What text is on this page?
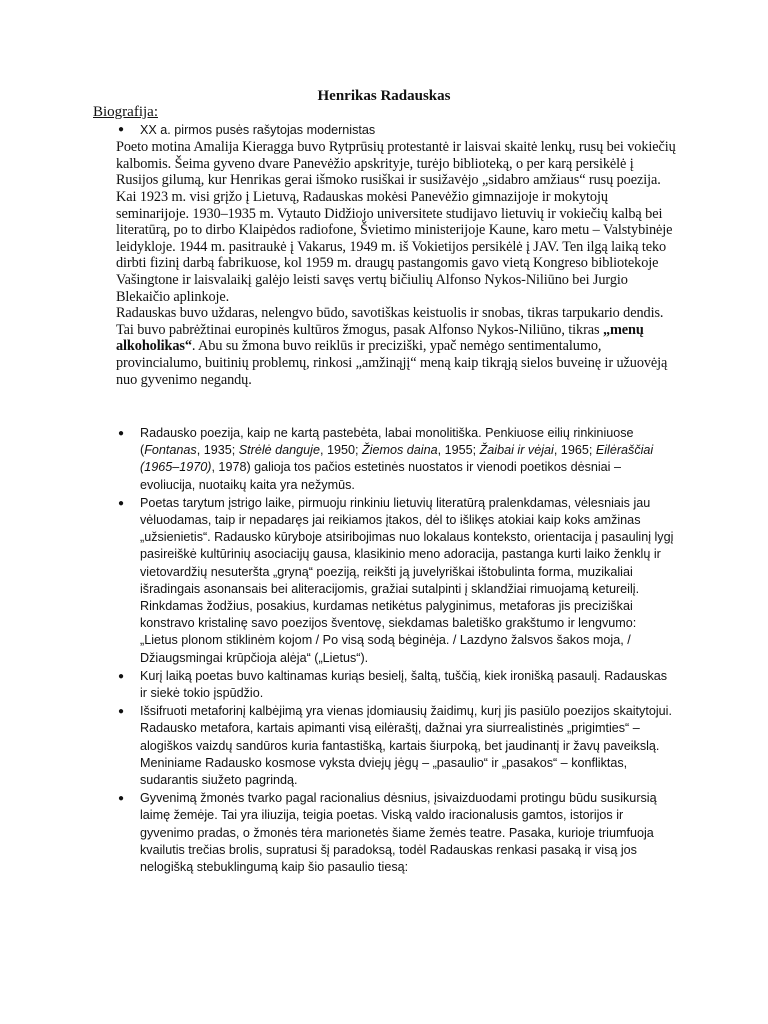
Henrikas Radauskas
Biografija:
●	XX a. pirmos pusės rašytojas modernistas

Poeto motina Amalija Kieragga buvo Rytprūsių protestantė ir laisvai skaitė lenkų, rusų bei vokiečių kalbomis. Šeima gyveno dvare Panevėžio apskrityje, turėjo biblioteką, o per karą persikėlė į Rusijos gilumą, kur Henrikas gerai išmoko rusiškai ir susižavėjo „sidabro amžiaus“ rusų poezija. Kai 1923 m. visi grįžo į Lietuvą, Radauskas mokėsi Panevėžio gimnazijoje ir mokytojų seminarijoje. 1930–1935 m. Vytauto Didžiojo universitete studijavo lietuvių ir vokiečių kalbą bei literatūrą, po to dirbo Klaipėdos radiofone, Švietimo ministerijoje Kaune, karo metu – Valstybinėje leidykloje. 1944 m. pasitraukė į Vakarus, 1949 m. iš Vokietijos persikėlė į JAV. Ten ilgą laiką teko dirbti fizinį darbą fabrikuose, kol 1959 m. draugų pastangomis gavo vietą Kongreso bibliotekoje Vašingtone ir laisvalaikį galėjo leisti savęs vertų bičiulių Alfonso Nykos-Niliūno bei Jurgio Blekaičio aplinkoje.

Radauskas buvo uždaras, nelengvo būdo, savotiškas keistuolis ir snobas, tikras tarpukario dendis. Tai buvo pabrėžtinai europinės kultūros žmogus, pasak Alfonso Nykos-Niliūno, tikras „menų alkoholikas“. Abu su žmona buvo reiklūs ir preciziški, ypač nemėgo sentimentalumo, provincialumo, buitinių problemų, rinkosi „amžinąjį“ meną kaip tikrąją sielos buveinę ir užuovėją nuo gyvenimo negandų.

●	Radausko poezija, kaip ne kartą pastebėta, labai monolitiška. Penkiuose eilių rinkiniuose (Fontanas, 1935; Strėlė danguje, 1950; Žiemos daina, 1955; Žaibai ir vėjai, 1965; Eilėraščiai (1965–1970), 1978) galioja tos pačios estetinės nuostatos ir vienodi poetikos dėsniai – evoliucija, nuotaikų kaita yra nežymūs.
●	Poetas tarytum įstrigo laike, pirmuoju rinkiniu lietuvių literatūrą pralenkdamas, vėlesniais jau vėluodamas, taip ir nepadaręs jai reikiamos įtakos, dėl to išlikęs atokiai kaip koks amžinas „užsienietis“. Radausko kūryboje atsiribojimas nuo lokalaus konteksto, orientacija į pasaulinį lygį pasireiškė kultūrinių asociacijų gausa, klasikinio meno adoracija, pastanga kurti laiko ženklų ir vietovardžių nesuteršta „gryną“ poeziją, reikšti ją juvelyriškai ištobulinta forma, muzikaliai išradingais asonansais bei aliteracijomis, gražiai sutalpinti į sklandžiai rimuojamą ketureilį. Rinkdamas žodžius, posakius, kurdamas netikėtus palyginimus, metaforas jis preciziškai konstravo kristalinę savo poezijos šventovę, siekdamas baletiško grakštumo ir lengvumo: „Lietus plonom stiklinėm kojom / Po visą sodą bėginėja. / Lazdyno žalsvos šakos moja, / Džiaugsmingai krūpčioja alėja“ („Lietus“).
●	Kurį laiką poetas buvo kaltinamas kuriąs besielį, šaltą, tuščią, kiek ironišką pasaulį. Radauskas ir siekė tokio įspūdžio.
●	Išsifruoti metaforinį kalbėjimą yra vienas įdomiausių žaidimų, kurį jis pasiūlo poezijos skaitytojui. Radausko metafora, kartais apimanti visą eilėraštį, dažnai yra siurrealistinės „prigimties“ – alogiškos vaizdų sandūros kuria fantastišką, kartais šiurpoką, bet jaudinantį ir žavų paveikslą. Meniniame Radausko kosmose vyksta dviejų jėgų – „pasaulio“ ir „pasakos“ – konfliktas, sudarantis siužeto pagrindą.
●	Gyvenimą žmonės tvarko pagal racionalius dėsnius, įsivaizduodami protingu būdu susikursią laimę žemėje. Tai yra iliuzija, teigia poetas. Viską valdo iracionalusis gamtos, istorijos ir gyvenimo pradas, o žmonės tėra marionetės šiame žemės teatre. Pasaka, kurioje triumfuoja kvailutis trečias brolis, supratusi šį paradoksą, todėl Radauskas renkasi pasaką ir visą jos nelogišką stebuklingumą kaip šio pasaulio tiesą:
